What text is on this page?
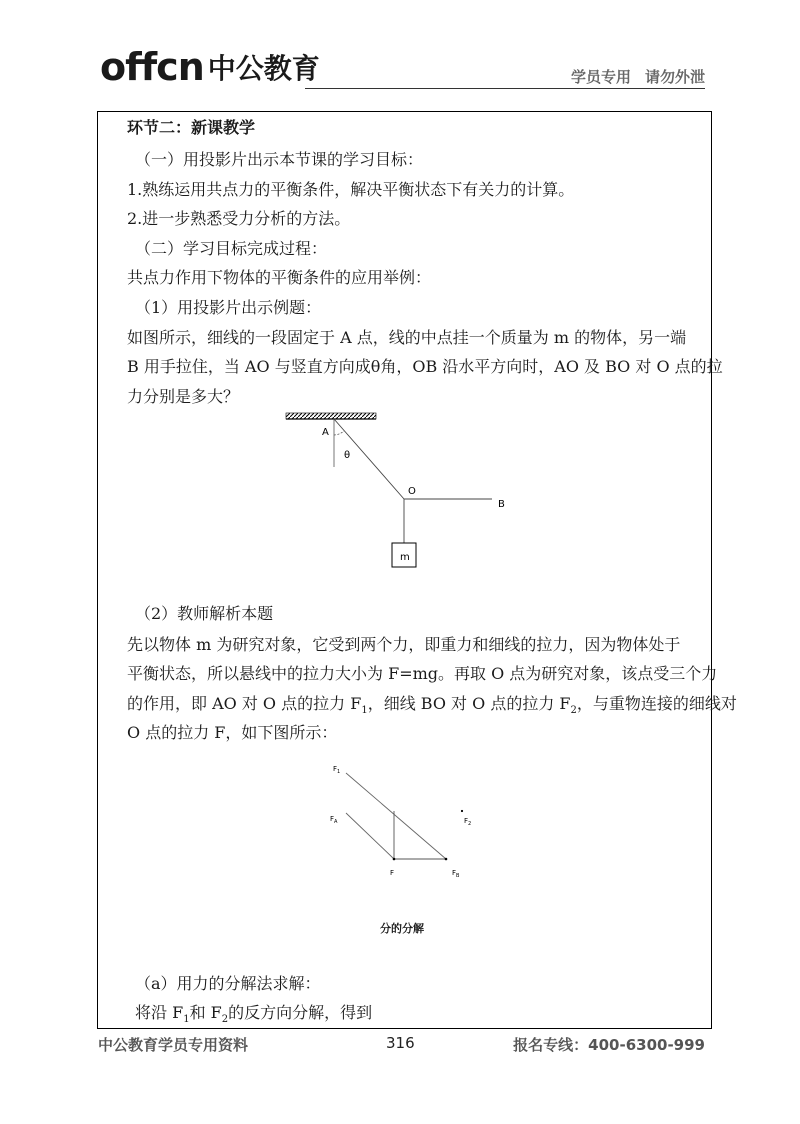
offcn 中公教育	学员专用 请勿外泄
环节二：新课教学
（一）用投影片出示本节课的学习目标：
1.熟练运用共点力的平衡条件，解决平衡状态下有关力的计算。
2.进一步熟悉受力分析的方法。
（二）学习目标完成过程：
共点力作用下物体的平衡条件的应用举例：
（1）用投影片出示例题：
如图所示，细线的一段固定于 A 点，线的中点挂一个质量为 m 的物体，另一端
B 用手拉住，当 AO 与竖直方向成θ角，OB 沿水平方向时，AO 及 BO 对 O 点的拉
力分别是多大？
（2）教师解析本题
先以物体 m 为研究对象，它受到两个力，即重力和细线的拉力，因为物体处于
平衡状态，所以悬线中的拉力大小为 F=mg。再取 O 点为研究对象，该点受三个力
的作用，即 AO 对 O 点的拉力 $F_1$，细线 BO 对 O 点的拉力 $F_2$，与重物连接的细线对
O 点的拉力 F，如下图所示：
（a）用力的分解法求解：
将沿 $F_1$和 $F_2$的反方向分解，得到
A
θ
O
B
m
$F_1$
$F_A$	$F_2$
F	$F_B$
分的分解
中公教育学员专用资料	316	报名专线：400-6300-999
